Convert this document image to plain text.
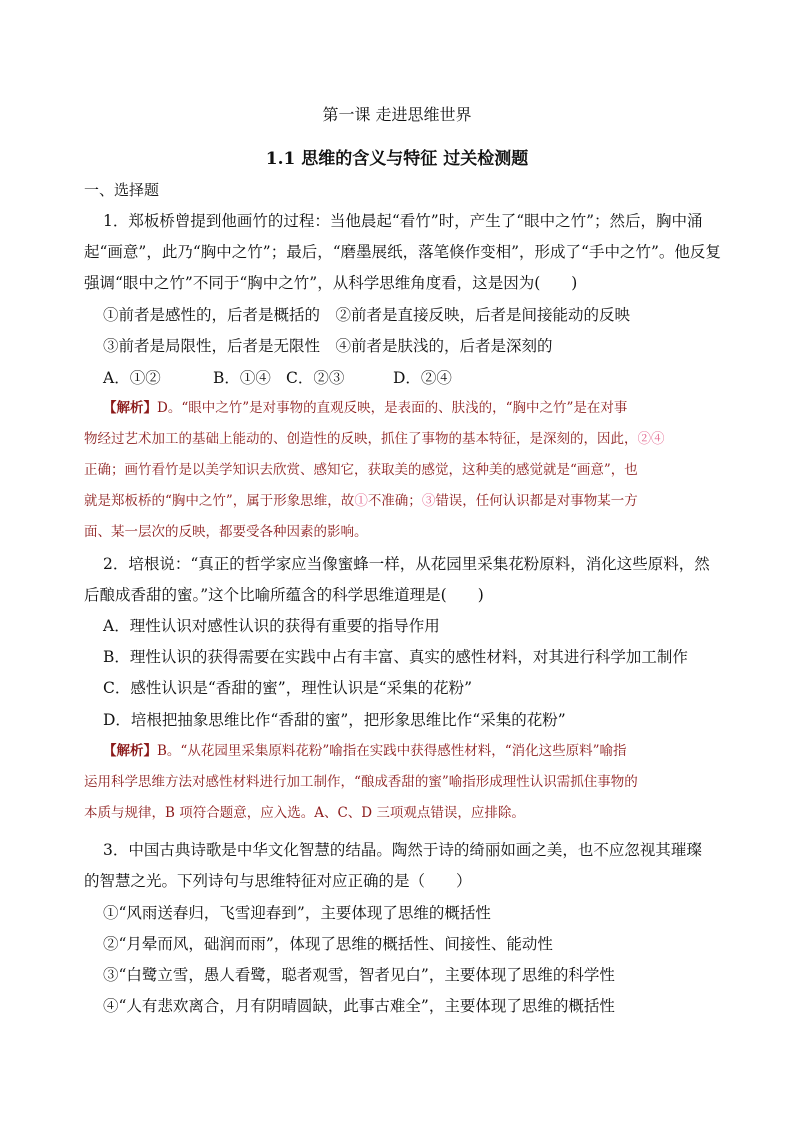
第一课 走进思维世界
1.1 思维的含义与特征 过关检测题
一、选择题
1．郑板桥曾提到他画竹的过程：当他晨起“看竹”时，产生了“眼中之竹”；然后，胸中涌
起“画意”，此乃“胸中之竹”；最后，“磨墨展纸，落笔倏作变相”，形成了“手中之竹”。他反复
强调“眼中之竹”不同于“胸中之竹”，从科学思维角度看，这是因为(　　)
①前者是感性的，后者是概括的　②前者是直接反映，后者是间接能动的反映
③前者是局限性，后者是无限性　④前者是肤浅的，后者是深刻的
A．①②	B．①④ C．②③	D．②④
【解析】D。“眼中之竹”是对事物的直观反映，是表面的、肤浅的，“胸中之竹”是在对事
物经过艺术加工的基础上能动的、创造性的反映，抓住了事物的基本特征，是深刻的，因此，②④
正确；画竹看竹是以美学知识去欣赏、感知它，获取美的感觉，这种美的感觉就是“画意”，也
就是郑板桥的“胸中之竹”，属于形象思维，故①不准确；③错误，任何认识都是对事物某一方
面、某一层次的反映，都要受各种因素的影响。
2．培根说：“真正的哲学家应当像蜜蜂一样，从花园里采集花粉原料，消化这些原料，然
后酿成香甜的蜜。”这个比喻所蕴含的科学思维道理是(　　)
A．理性认识对感性认识的获得有重要的指导作用
B．理性认识的获得需要在实践中占有丰富、真实的感性材料，对其进行科学加工制作
C．感性认识是“香甜的蜜”，理性认识是“采集的花粉”
D．培根把抽象思维比作“香甜的蜜”，把形象思维比作“采集的花粉”
【解析】B。“从花园里采集原料花粉”喻指在实践中获得感性材料，“消化这些原料”喻指
运用科学思维方法对感性材料进行加工制作，“酿成香甜的蜜”喻指形成理性认识需抓住事物的
本质与规律，B 项符合题意，应入选。A、C、D 三项观点错误，应排除。
3．中国古典诗歌是中华文化智慧的结晶。陶然于诗的绮丽如画之美，也不应忽视其璀璨
的智慧之光。下列诗句与思维特征对应正确的是（　　）
①“风雨送春归，飞雪迎春到”，主要体现了思维的概括性
②“月晕而风，础润而雨”，体现了思维的概括性、间接性、能动性
③“白鹭立雪，愚人看鹭，聪者观雪，智者见白”，主要体现了思维的科学性
④“人有悲欢离合，月有阴晴圆缺，此事古难全”，主要体现了思维的概括性
